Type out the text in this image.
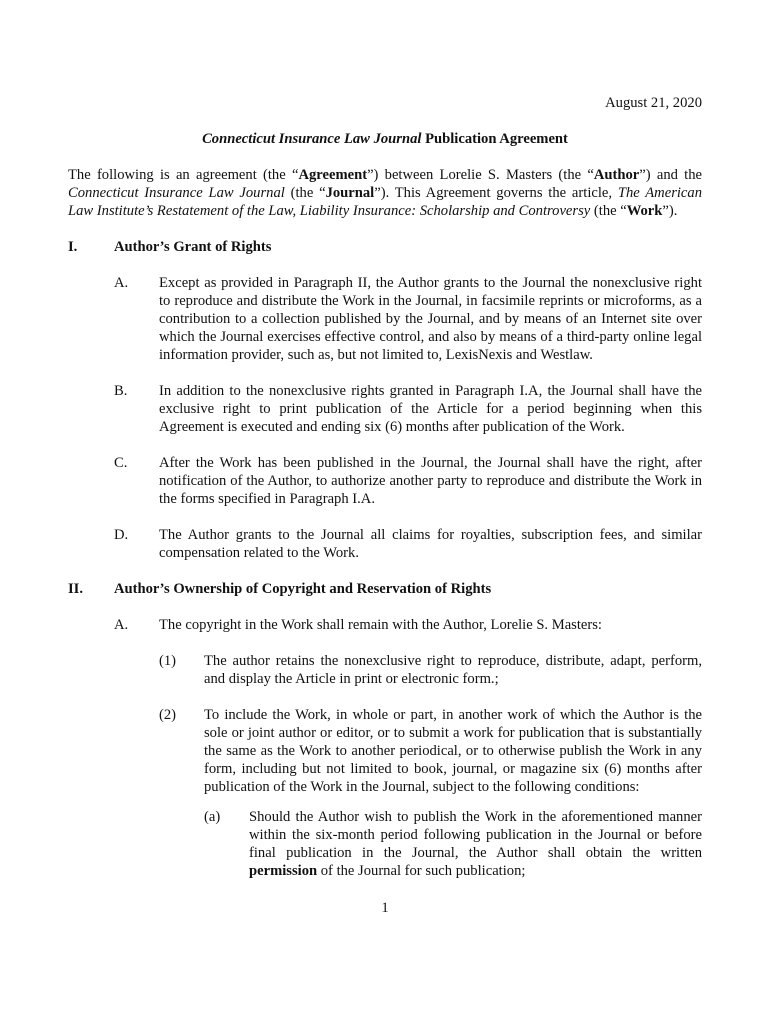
August 21, 2020
Connecticut Insurance Law Journal Publication Agreement
The following is an agreement (the “Agreement”) between Lorelie S. Masters (the “Author”) and the Connecticut Insurance Law Journal (the “Journal”). This Agreement governs the article, The American Law Institute’s Restatement of the Law, Liability Insurance: Scholarship and Controversy (the “Work”).
I.	Author’s Grant of Rights
A. Except as provided in Paragraph II, the Author grants to the Journal the nonexclusive right to reproduce and distribute the Work in the Journal, in facsimile reprints or microforms, as a contribution to a collection published by the Journal, and by means of an Internet site over which the Journal exercises effective control, and also by means of a third-party online legal information provider, such as, but not limited to, LexisNexis and Westlaw.
B. In addition to the nonexclusive rights granted in Paragraph I.A, the Journal shall have the exclusive right to print publication of the Article for a period beginning when this Agreement is executed and ending six (6) months after publication of the Work.
C. After the Work has been published in the Journal, the Journal shall have the right, after notification of the Author, to authorize another party to reproduce and distribute the Work in the forms specified in Paragraph I.A.
D. The Author grants to the Journal all claims for royalties, subscription fees, and similar compensation related to the Work.
II. Author’s Ownership of Copyright and Reservation of Rights
A. The copyright in the Work shall remain with the Author, Lorelie S. Masters:
(1) The author retains the nonexclusive right to reproduce, distribute, adapt, perform, and display the Article in print or electronic form.;
(2) To include the Work, in whole or part, in another work of which the Author is the sole or joint author or editor, or to submit a work for publication that is substantially the same as the Work to another periodical, or to otherwise publish the Work in any form, including but not limited to book, journal, or magazine six (6) months after publication of the Work in the Journal, subject to the following conditions:
(a) Should the Author wish to publish the Work in the aforementioned manner within the six-month period following publication in the Journal or before final publication in the Journal, the Author shall obtain the written permission of the Journal for such publication;
1
